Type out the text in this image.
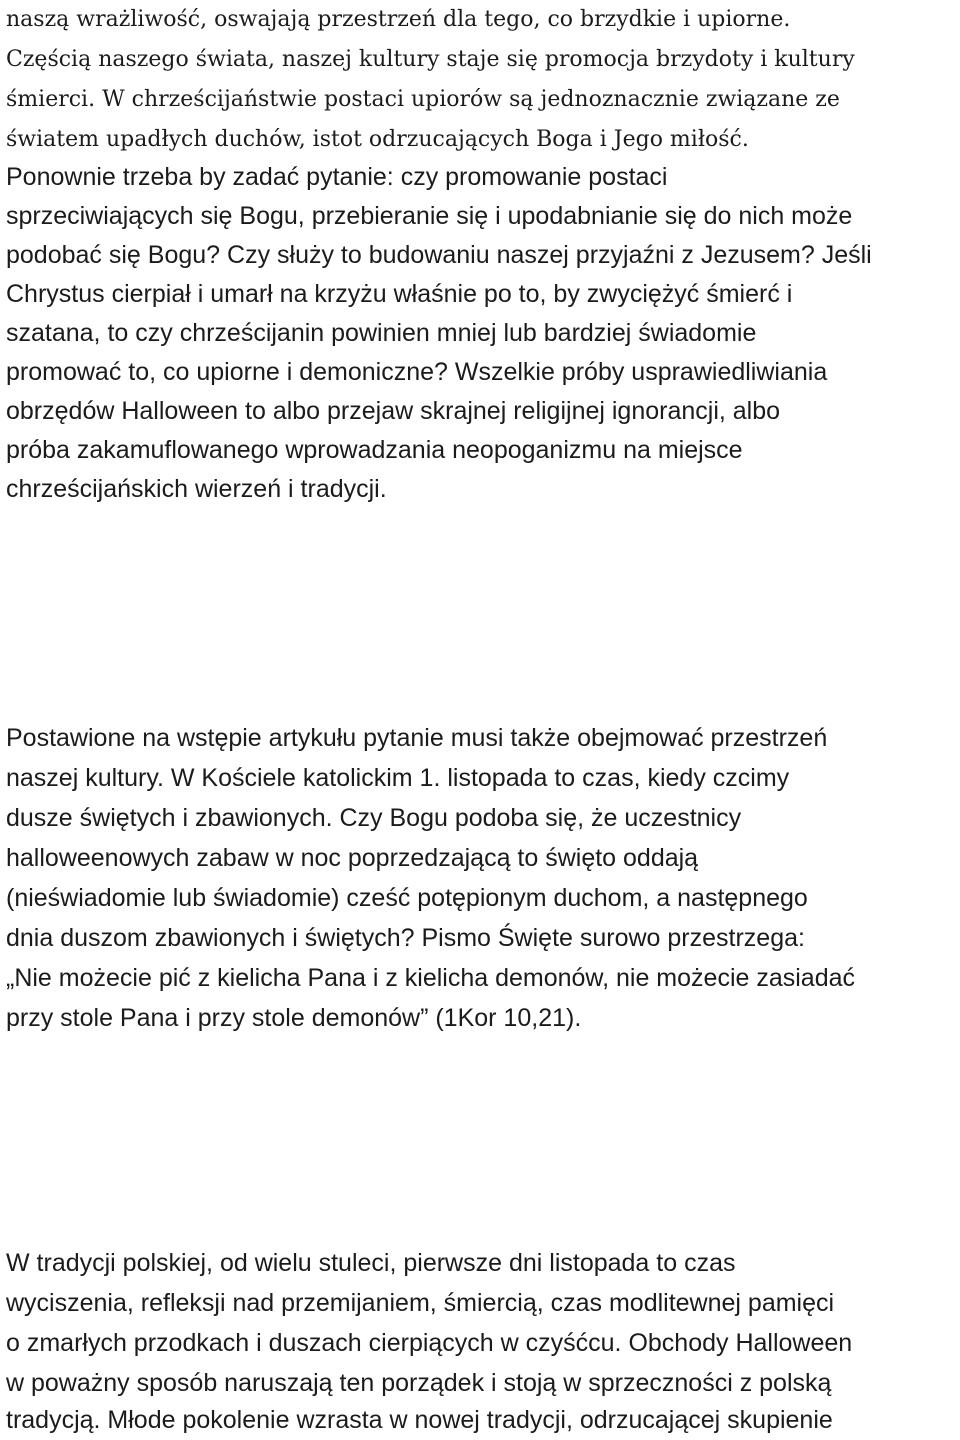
naszą wrażliwość, oswajają przestrzeń dla tego, co brzydkie i upiorne.
Częścią naszego świata, naszej kultury staje się promocja brzydoty i kultury
śmierci. W chrześcijaństwie postaci upiorów są jednoznacznie związane ze
światem upadłych duchów, istot odrzucających Boga i Jego miłość.
Ponownie trzeba by zadać pytanie: czy promowanie postaci
sprzeciwiających się Bogu, przebieranie się i upodabnianie się do nich może
podobać się Bogu? Czy służy to budowaniu naszej przyjaźni z Jezusem? Jeśli
Chrystus cierpiał i umarł na krzyżu właśnie po to, by zwyciężyć śmierć i
szatana, to czy chrześcijanin powinien mniej lub bardziej świadomie
promować to, co upiorne i demoniczne? Wszelkie próby usprawiedliwiania
obrzędów Halloween to albo przejaw skrajnej religijnej ignorancji, albo
próba zakamuflowanego wprowadzania neopoganizmu na miejsce
chrześcijańskich wierzeń i tradycji.
Postawione na wstępie artykułu pytanie musi także obejmować przestrzeń
naszej kultury. W Kościele katolickim 1. listopada to czas, kiedy czcimy
dusze świętych i zbawionych. Czy Bogu podoba się, że uczestnicy
halloweenowych zabaw w noc poprzedzającą to święto oddają
(nieświadomie lub świadomie) cześć potępionym duchom, a następnego
dnia duszom zbawionych i świętych? Pismo Święte surowo przestrzega:
„Nie możecie pić z kielicha Pana i z kielicha demonów, nie możecie zasiadać
przy stole Pana i przy stole demonów” (1Kor 10,21).
W tradycji polskiej, od wielu stuleci, pierwsze dni listopada to czas
wyciszenia, refleksji nad przemijaniem, śmiercią, czas modlitewnej pamięci
o zmarłych przodkach i duszach cierpiących w czyśćcu. Obchody Halloween
w poważny sposób naruszają ten porządek i stoją w sprzeczności z polską
tradycją. Młode pokolenie wzrasta w nowej tradycji, odrzucającej skupienie
